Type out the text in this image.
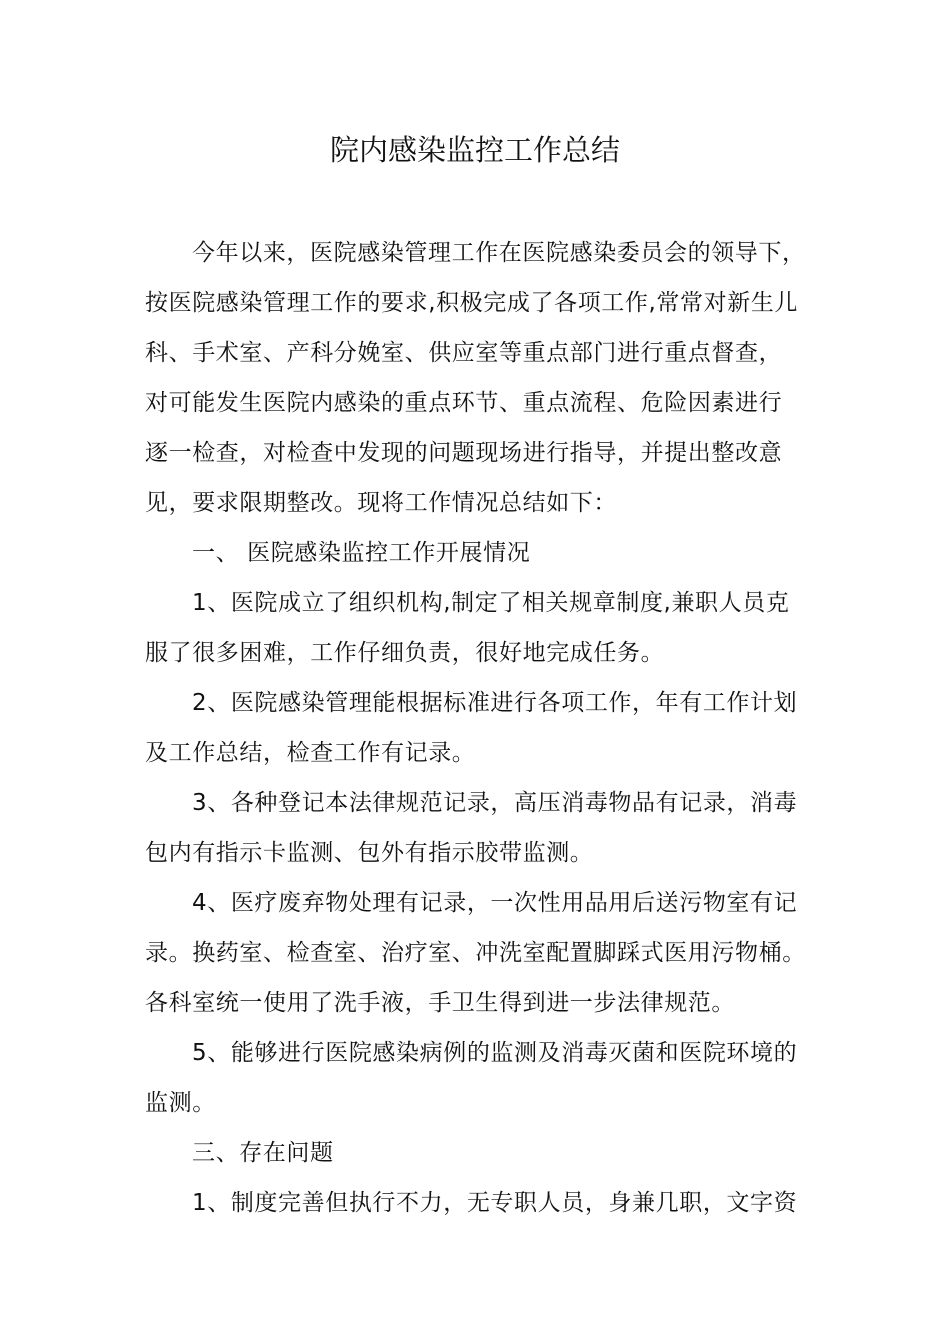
院内感染监控工作总结
今年以来，医院感染管理工作在医院感染委员会的领导下，
按医院感染管理工作的要求,积极完成了各项工作,常常对新生儿
科、手术室、产科分娩室、供应室等重点部门进行重点督查，
对可能发生医院内感染的重点环节、重点流程、危险因素进行
逐一检查，对检查中发现的问题现场进行指导，并提出整改意
见，要求限期整改。现将工作情况总结如下：
一、 医院感染监控工作开展情况
1、医院成立了组织机构,制定了相关规章制度,兼职人员克
服了很多困难，工作仔细负责，很好地完成任务。
2、医院感染管理能根据标准进行各项工作，年有工作计划
及工作总结，检查工作有记录。
3、各种登记本法律规范记录，高压消毒物品有记录，消毒
包内有指示卡监测、包外有指示胶带监测。
4、医疗废弃物处理有记录，一次性用品用后送污物室有记
录。换药室、检查室、治疗室、冲洗室配置脚踩式医用污物桶。
各科室统一使用了洗手液，手卫生得到进一步法律规范。
5、能够进行医院感染病例的监测及消毒灭菌和医院环境的
监测。
三、存在问题
1、制度完善但执行不力，无专职人员，身兼几职，文字资
